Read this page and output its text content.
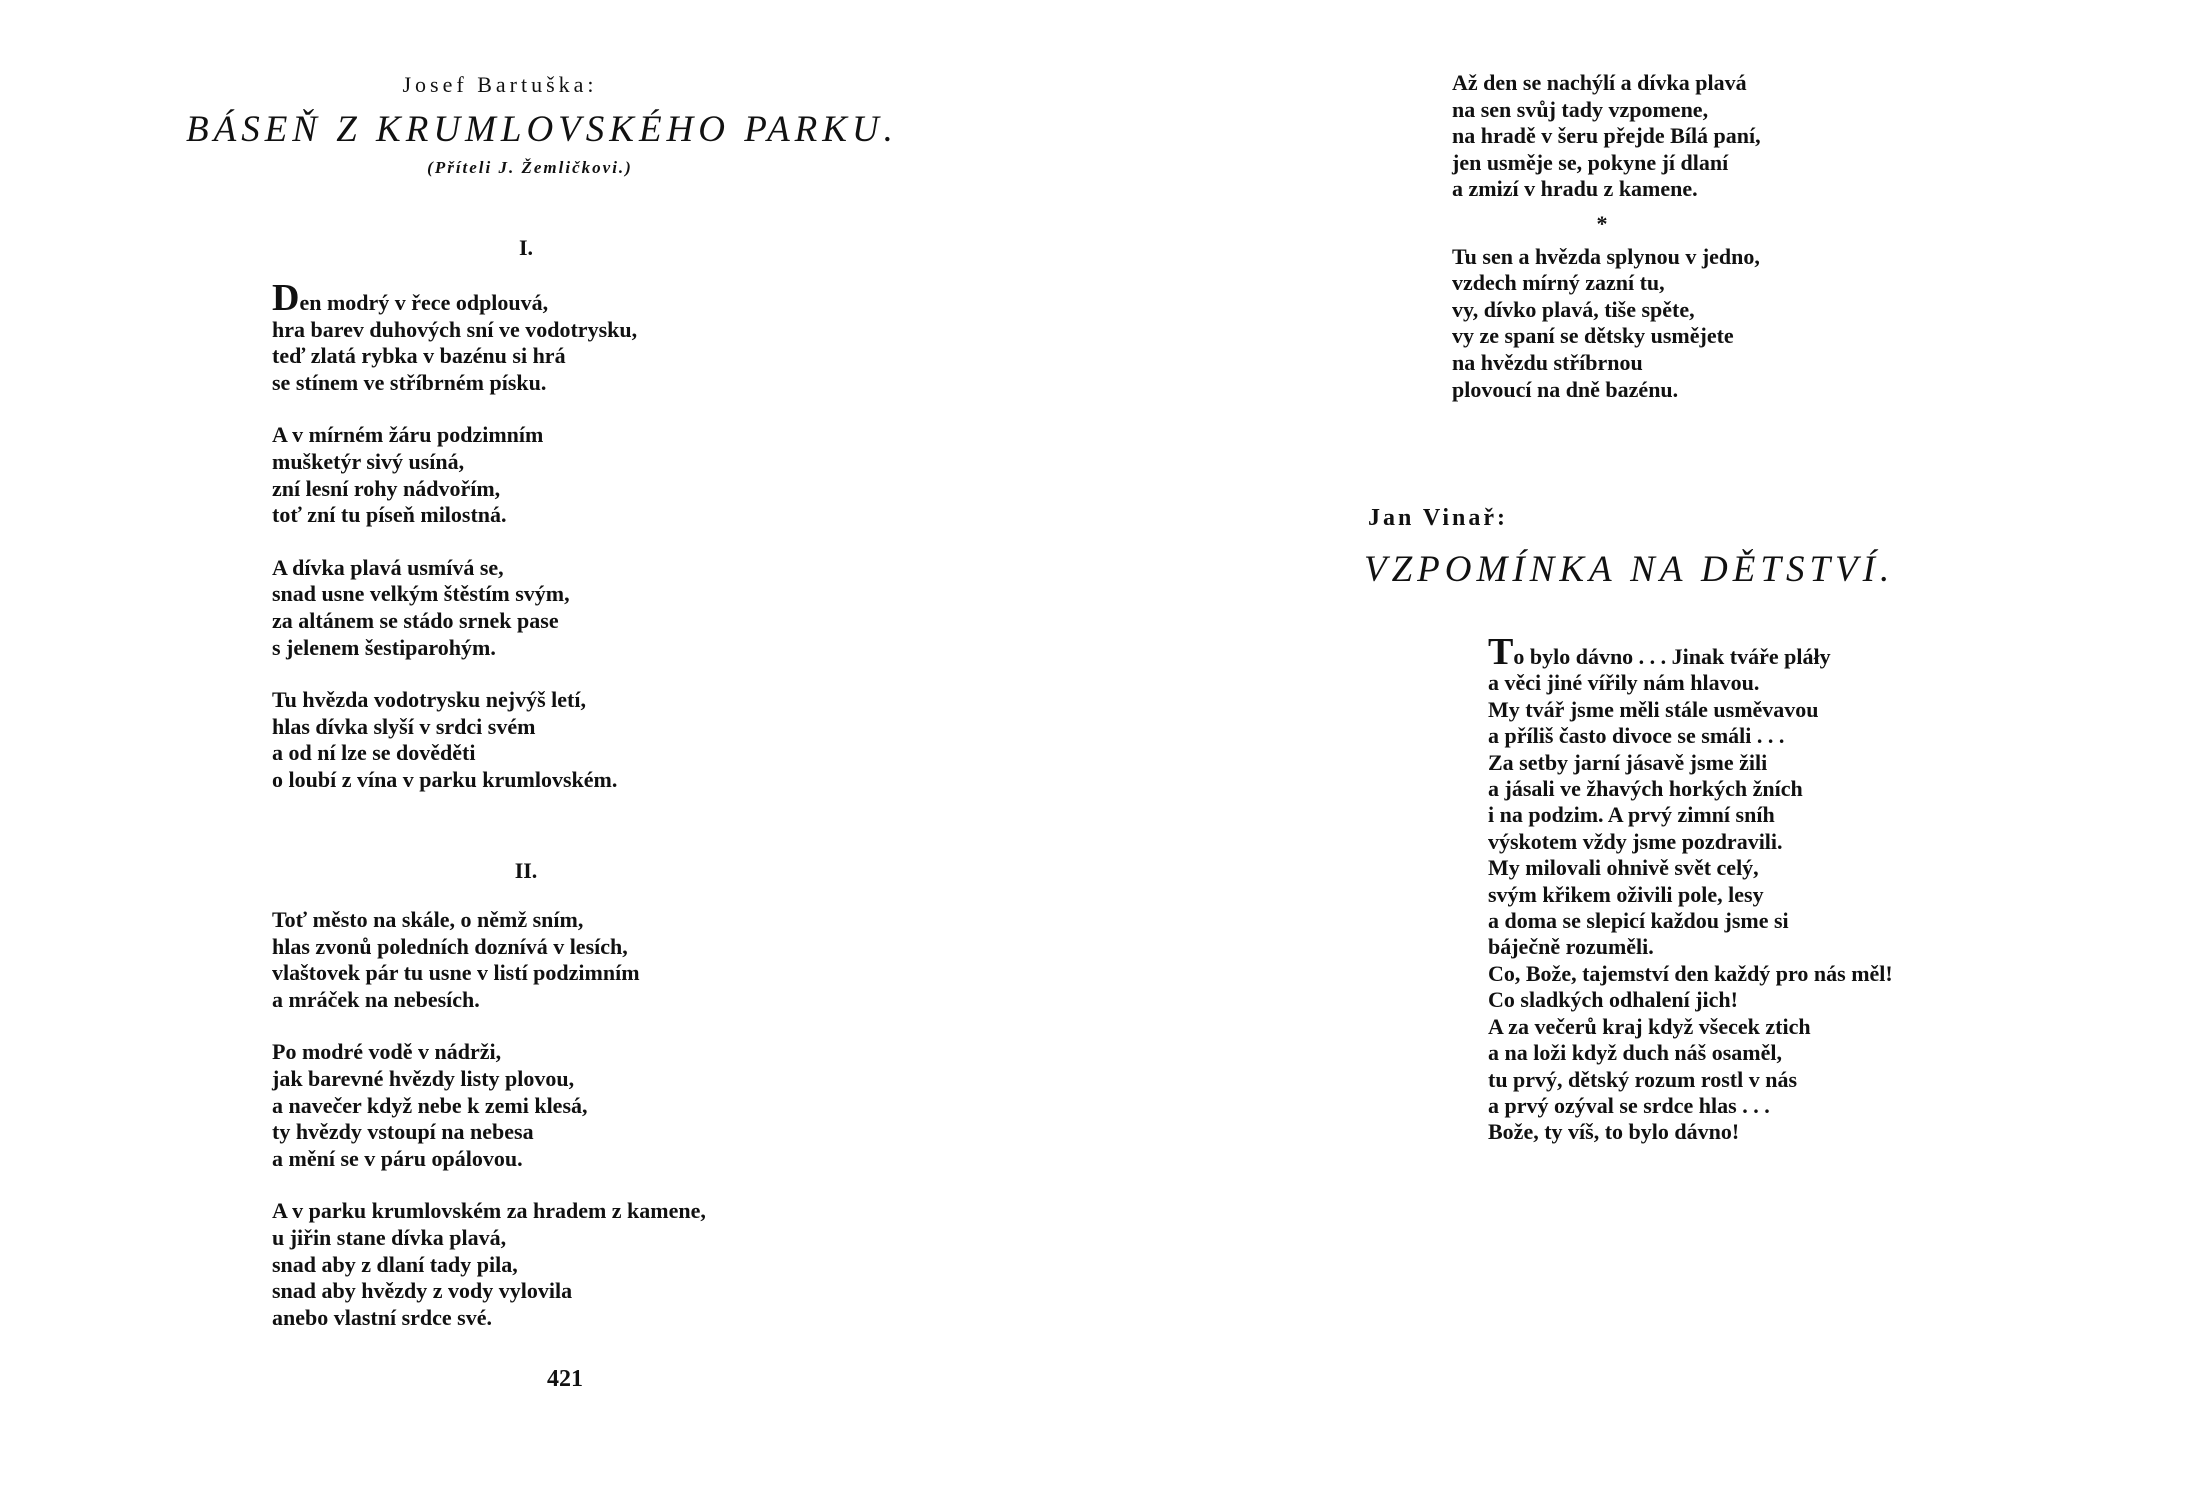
Josef Bartuška:
BÁSEŇ Z KRUMLOVSKÉHO PARKU.
(Příteli J. Žemličkovi.)
I.
Den modrý v řece odplouvá,
hra barev duhových sní ve vodotrysku,
teď zlatá rybka v bazénu si hrá
se stínem ve stříbrném písku.
A v mírném žáru podzimním
mušketýr sivý usíná,
zní lesní rohy nádvořím,
toť zní tu píseň milostná.
A dívka plavá usmívá se,
snad usne velkým štěstím svým,
za altánem se stádo srnek pase
s jelenem šestiparohým.
Tu hvězda vodotrysku nejvýš letí,
hlas dívka slyší v srdci svém
a od ní lze se dověděti
o loubí z vína v parku krumlovském.
II.
Toť město na skále, o němž sním,
hlas zvonů poledních doznívá v lesích,
vlaštovek pár tu usne v listí podzimním
a mráček na nebesích.
Po modré vodě v nádrži,
jak barevné hvězdy listy plovou,
a navečer když nebe k zemi klesá,
ty hvězdy vstoupí na nebesa
a mění se v páru opálovou.
A v parku krumlovském za hradem z kamene,
u jiřin stane dívka plavá,
snad aby z dlaní tady pila,
snad aby hvězdy z vody vylovila
anebo vlastní srdce své.
421
Až den se nachýlí a dívka plavá
na sen svůj tady vzpomene,
na hradě v šeru přejde Bílá paní,
jen usměje se, pokyne jí dlaní
a zmizí v hradu z kamene.
*
Tu sen a hvězda splynou v jedno,
vzdech mírný zazní tu,
vy, dívko plavá, tiše spěte,
vy ze spaní se dětsky usmějete
na hvězdu stříbrnou
plovoucí na dně bazénu.
Jan Vinař:
VZPOMÍNKA NA DĚTSTVÍ.
To bylo dávno . . . Jinak tváře pláły
a věci jiné vířily nám hlavou.
My tvář jsme měli stále usměvavou
a příliš často divoce se smáli . . .
Za setby jarní jásavě jsme žili
a jásali ve žhavých horkých žních
i na podzim. A prvý zimní sníh
výskotem vždy jsme pozdravili.
My milovali ohnivě svět celý,
svým křikem oživili pole, lesy
a doma se slepicí každou jsme si
báječně rozuměli.
Co, Bože, tajemství den každý pro nás měl!
Co sladkých odhalení jich!
A za večerů kraj když všecek ztich
a na loži když duch náš osaměl,
tu prvý, dětský rozum rostl v nás
a prvý ozýval se srdce hlas . . .
Bože, ty víš, to bylo dávno!
